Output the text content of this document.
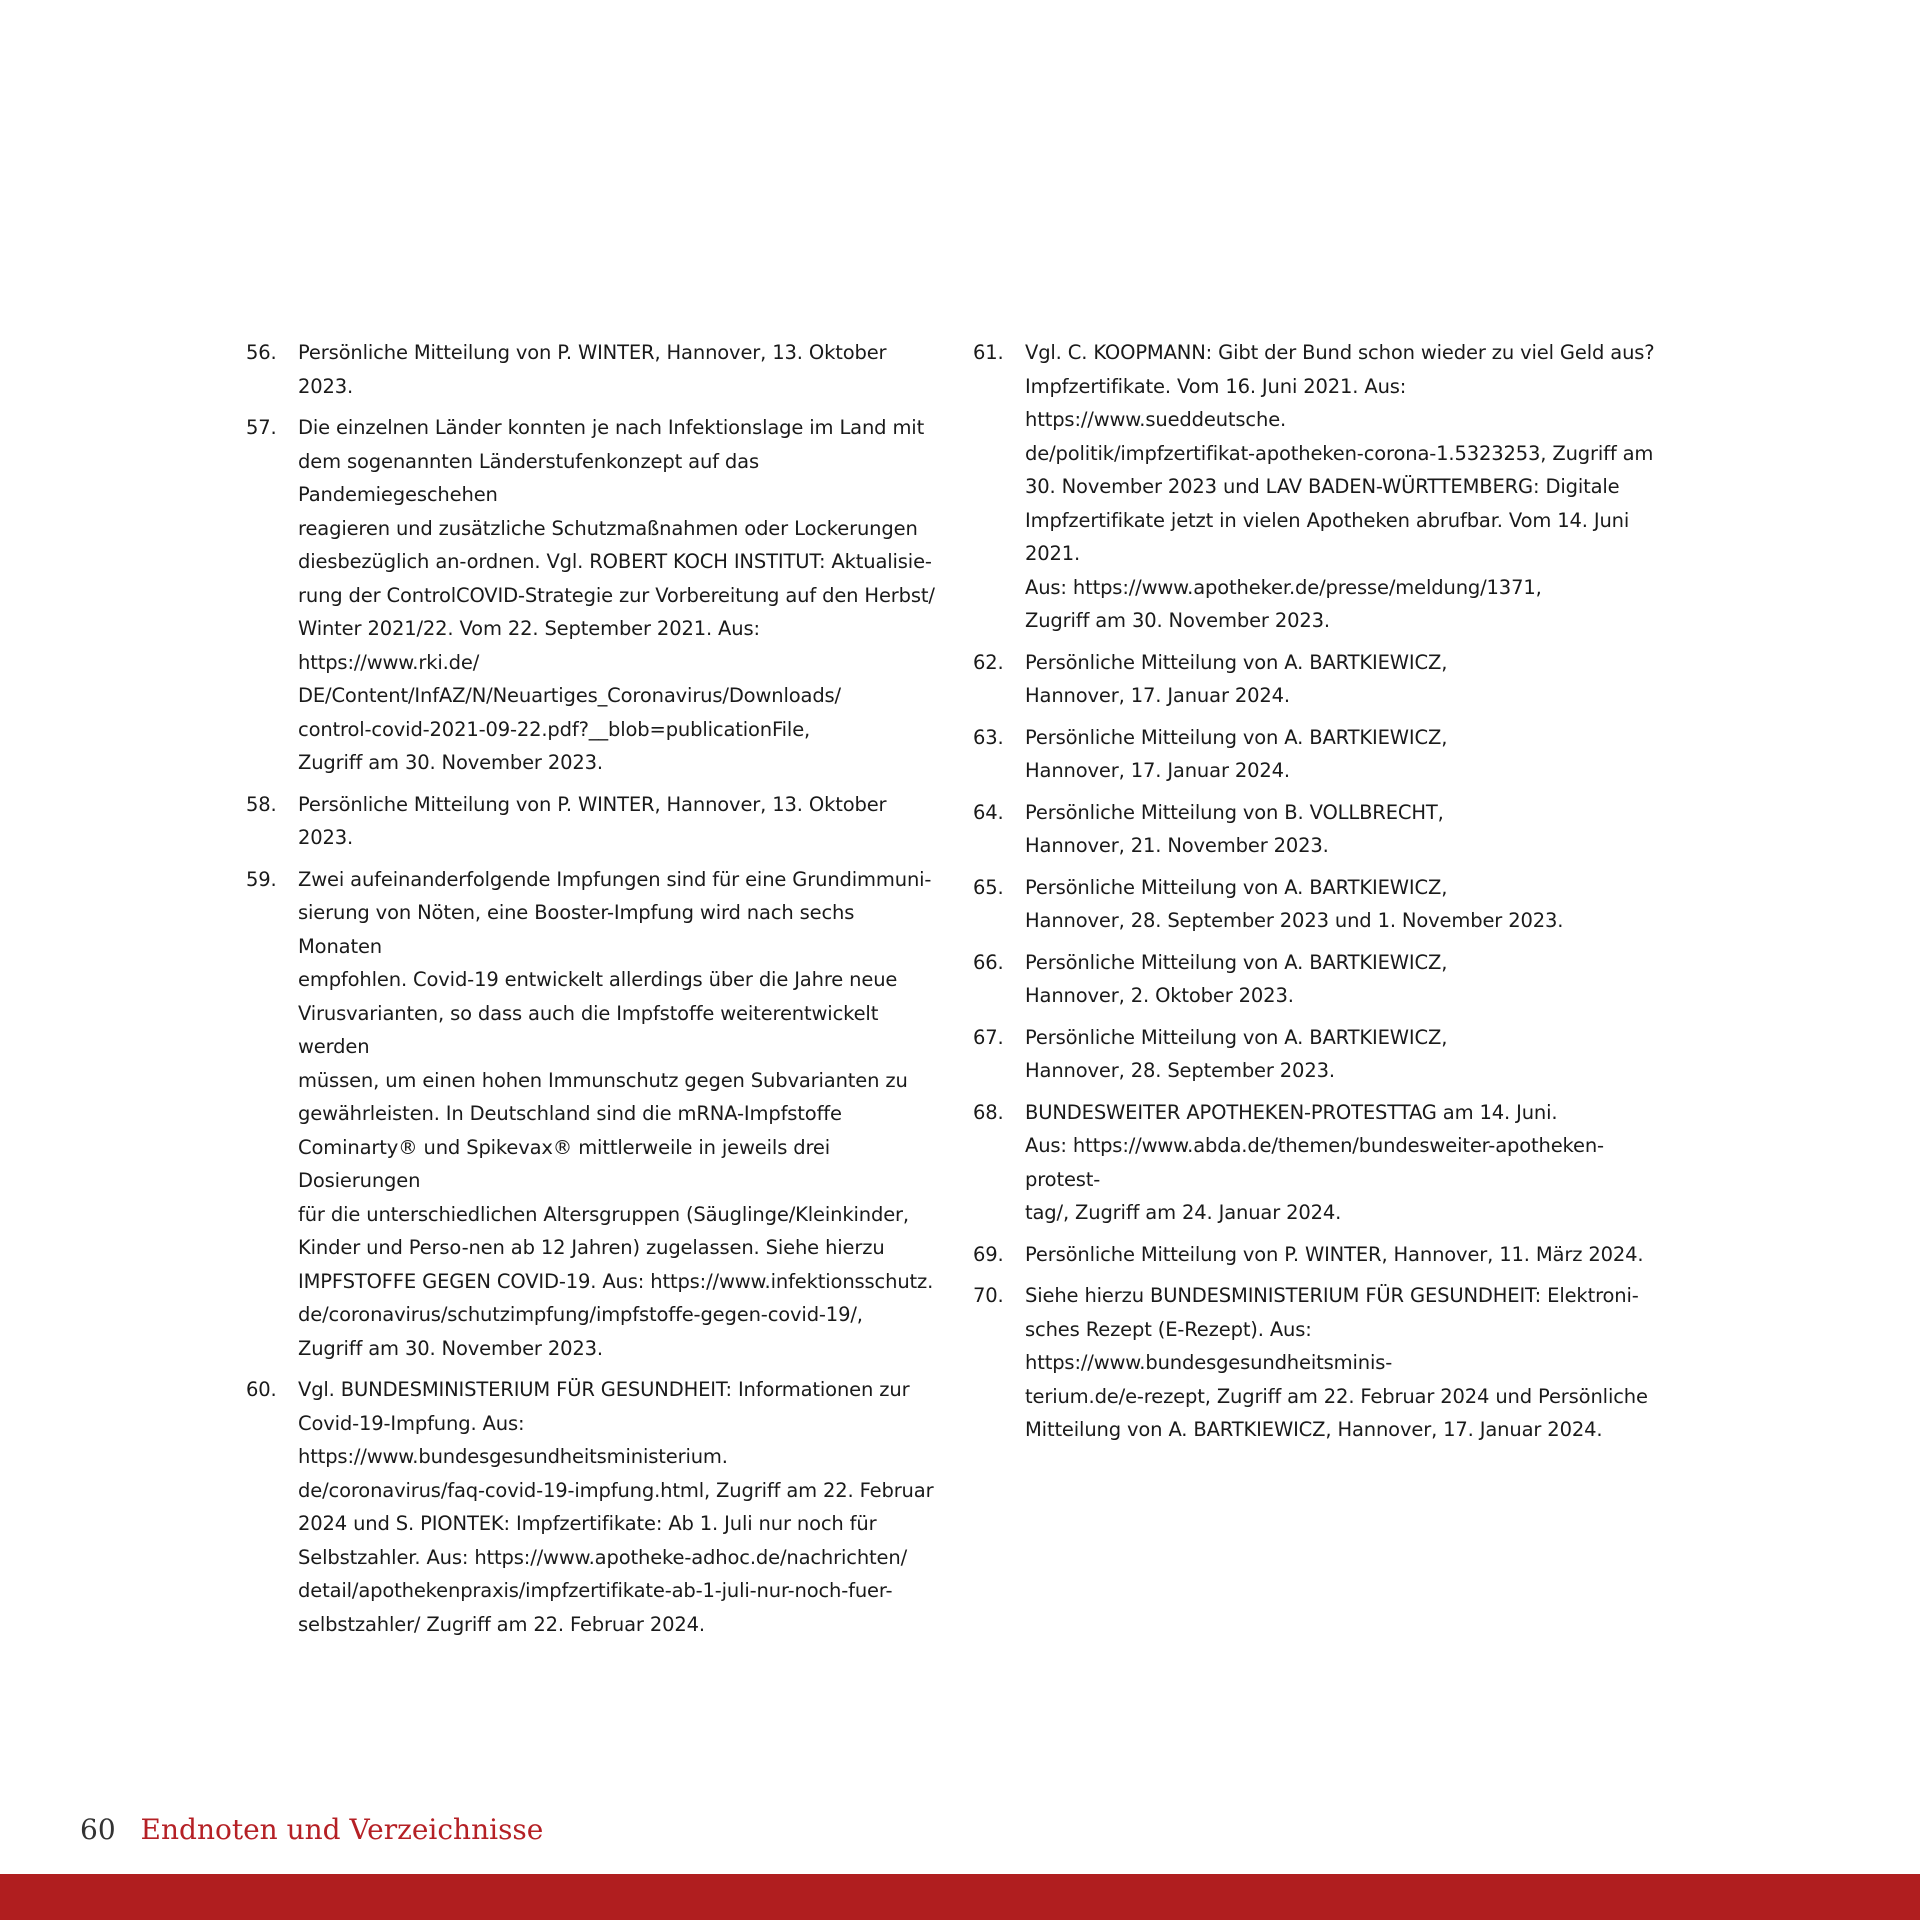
56. Persönliche Mitteilung von P. WINTER, Hannover, 13. Oktober 2023.
57. Die einzelnen Länder konnten je nach Infektionslage im Land mit
dem sogenannten Länderstufenkonzept auf das Pandemiegeschehen
reagieren und zusätzliche Schutzmaßnahmen oder Lockerungen
diesbezüglich an-ordnen. Vgl. ROBERT KOCH INSTITUT: Aktualisie-
rung der ControlCOVID-Strategie zur Vorbereitung auf den Herbst/
Winter 2021/22. Vom 22. September 2021. Aus: https://www.rki.de/
DE/Content/InfAZ/N/Neuartiges_Coronavirus/Downloads/
control-covid-2021-09-22.pdf?__blob=publicationFile,
Zugriff am 30. November 2023.
58. Persönliche Mitteilung von P. WINTER, Hannover, 13. Oktober 2023.
59. Zwei aufeinanderfolgende Impfungen sind für eine Grundimmuni-
sierung von Nöten, eine Booster-Impfung wird nach sechs Monaten
empfohlen. Covid-19 entwickelt allerdings über die Jahre neue
Virusvarianten, so dass auch die Impfstoffe weiterentwickelt werden
müssen, um einen hohen Immunschutz gegen Subvarianten zu
gewährleisten. In Deutschland sind die mRNA-Impfstoffe
Cominarty® und Spikevax® mittlerweile in jeweils drei Dosierungen
für die unterschiedlichen Altersgruppen (Säuglinge/Kleinkinder,
Kinder und Perso-nen ab 12 Jahren) zugelassen. Siehe hierzu
IMPFSTOFFE GEGEN COVID-19. Aus: https://www.infektionsschutz.
de/coronavirus/schutzimpfung/impfstoffe-gegen-covid-19/,
Zugriff am 30. November 2023.
60. Vgl. BUNDESMINISTERIUM FÜR GESUNDHEIT: Informationen zur
Covid-19-Impfung. Aus: https://www.bundesgesundheitsministerium.
de/coronavirus/faq-covid-19-impfung.html, Zugriff am 22. Februar
2024 und S. PIONTEK: Impfzertifikate: Ab 1. Juli nur noch für
Selbstzahler. Aus: https://www.apotheke-adhoc.de/nachrichten/
detail/apothekenpraxis/impfzertifikate-ab-1-juli-nur-noch-fuer-
selbstzahler/ Zugriff am 22. Februar 2024.
61. Vgl. C. KOOPMANN: Gibt der Bund schon wieder zu viel Geld aus?
Impfzertifikate. Vom 16. Juni 2021. Aus: https://www.sueddeutsche.
de/politik/impfzertifikat-apotheken-corona-1.5323253, Zugriff am
30. November 2023 und LAV BADEN-WÜRTTEMBERG: Digitale
Impfzertifikate jetzt in vielen Apotheken abrufbar. Vom 14. Juni 2021.
Aus: https://www.apotheker.de/presse/meldung/1371,
Zugriff am 30. November 2023.
62. Persönliche Mitteilung von A. BARTKIEWICZ,
Hannover, 17. Januar 2024.
63. Persönliche Mitteilung von A. BARTKIEWICZ,
Hannover, 17. Januar 2024.
64. Persönliche Mitteilung von B. VOLLBRECHT,
Hannover, 21. November 2023.
65. Persönliche Mitteilung von A. BARTKIEWICZ,
Hannover, 28. September 2023 und 1. November 2023.
66. Persönliche Mitteilung von A. BARTKIEWICZ,
Hannover, 2. Oktober 2023.
67. Persönliche Mitteilung von A. BARTKIEWICZ,
Hannover, 28. September 2023.
68. BUNDESWEITER APOTHEKEN-PROTESTTAG am 14. Juni.
Aus: https://www.abda.de/themen/bundesweiter-apotheken-protest-
tag/, Zugriff am 24. Januar 2024.
69. Persönliche Mitteilung von P. WINTER, Hannover, 11. März 2024.
70. Siehe hierzu BUNDESMINISTERIUM FÜR GESUNDHEIT: Elektroni-
sches Rezept (E-Rezept). Aus: https://www.bundesgesundheitsminis-
terium.de/e-rezept, Zugriff am 22. Februar 2024 und Persönliche
Mitteilung von A. BARTKIEWICZ, Hannover, 17. Januar 2024.
60 Endnoten und Verzeichnisse
